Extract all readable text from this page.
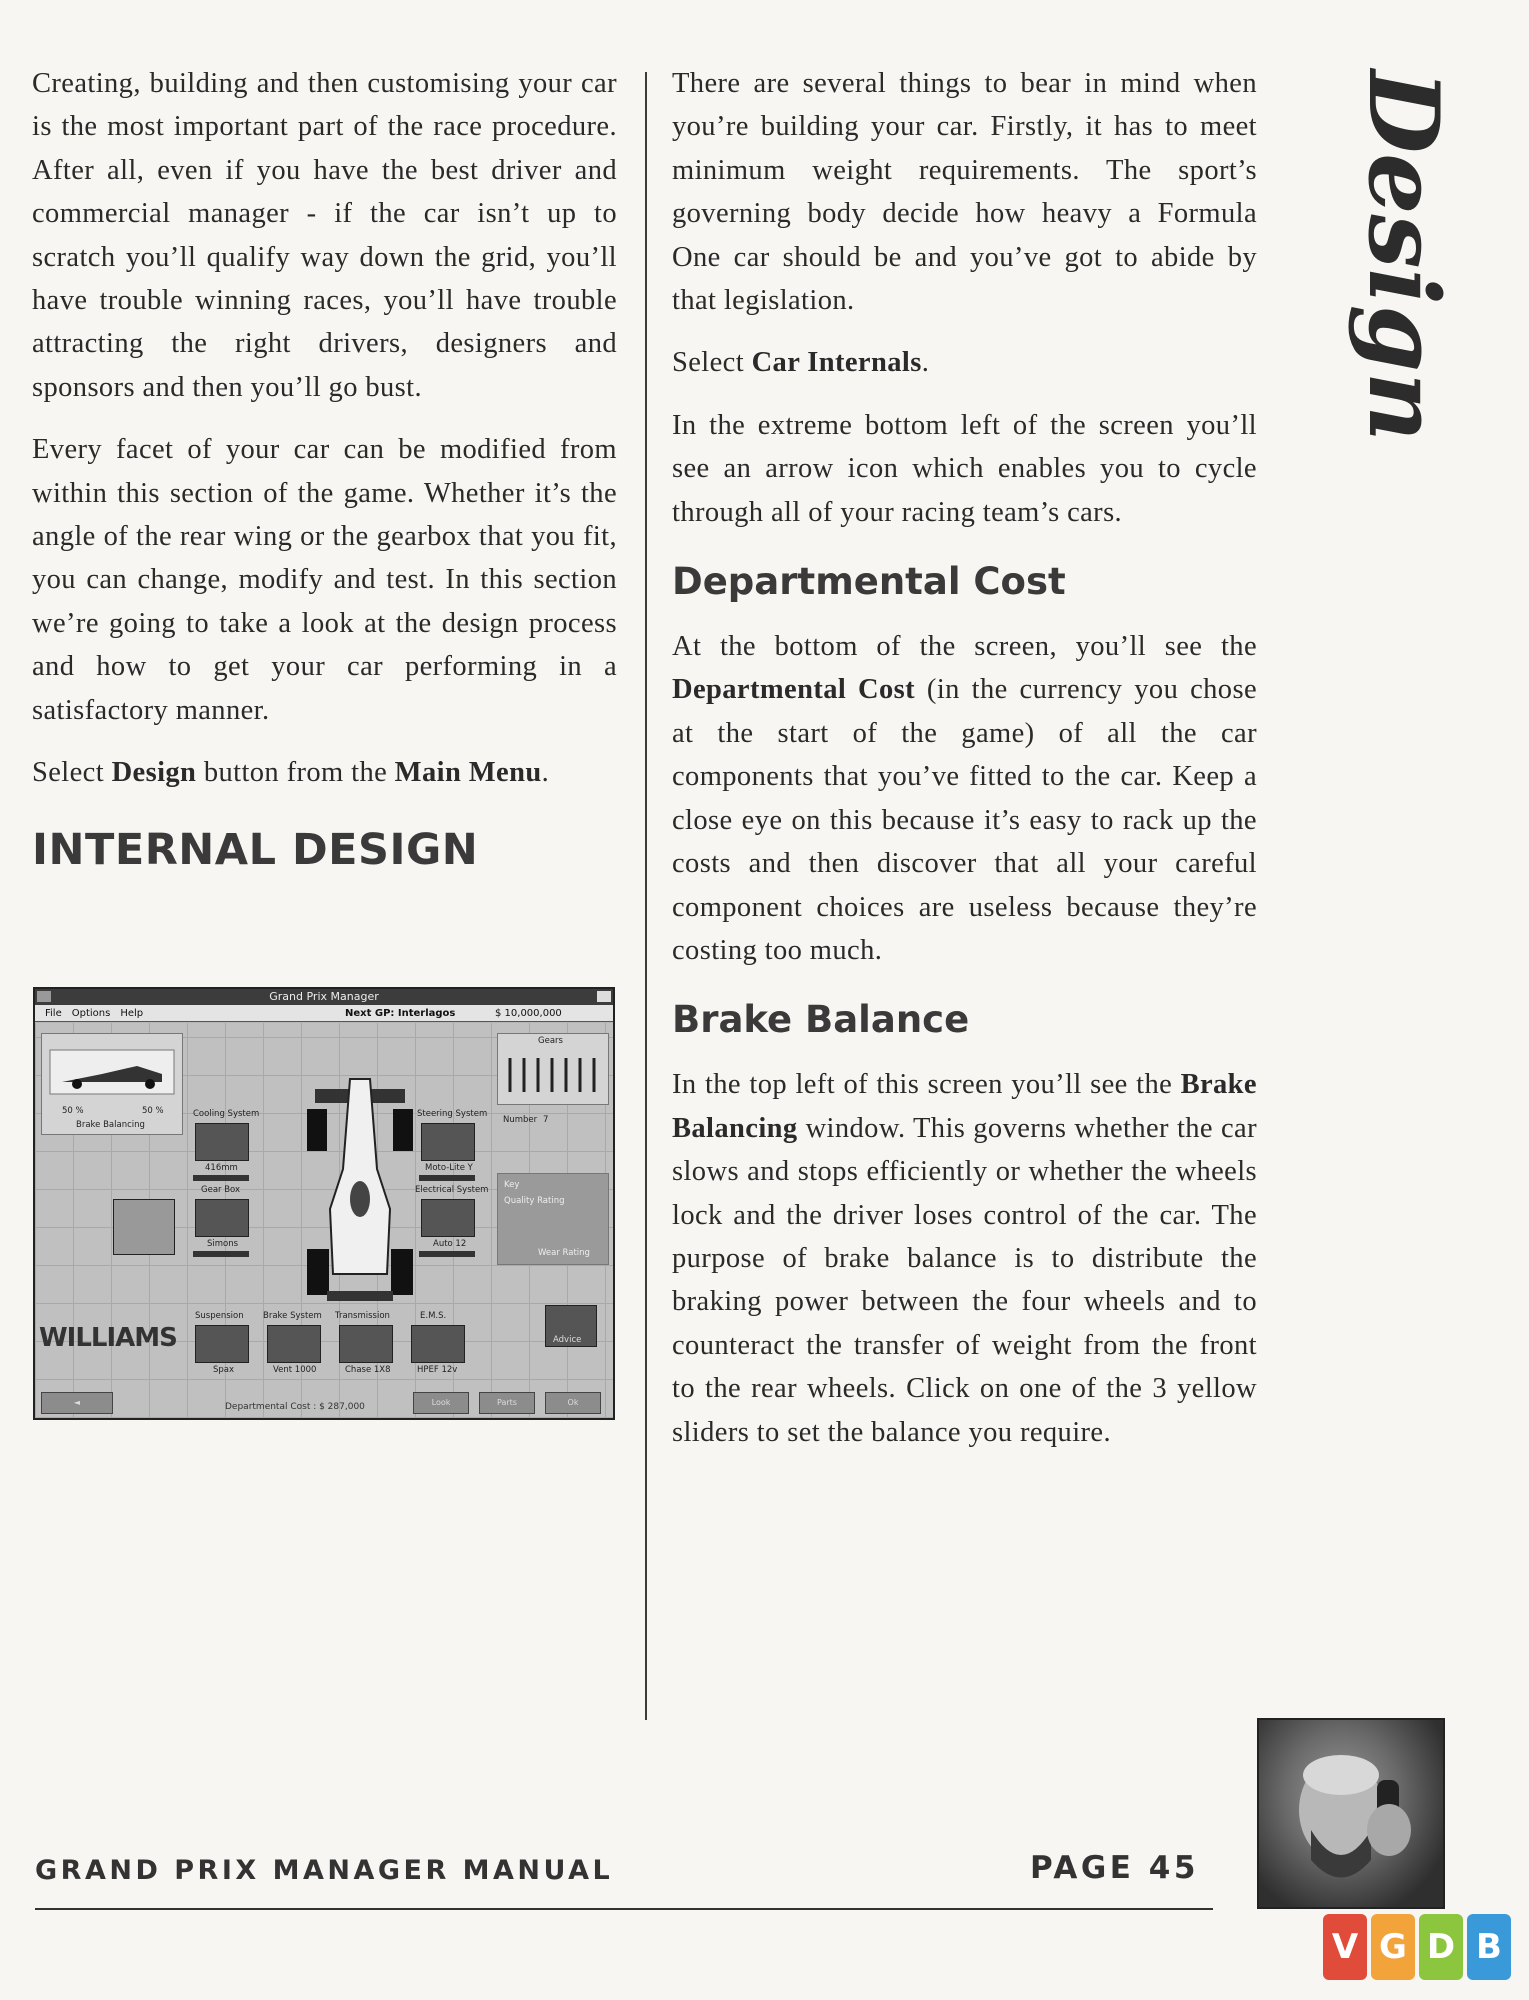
Creating, building and then customising your car is the most important part of the race procedure. After all, even if you have the best driver and commercial manager - if the car isn’t up to scratch you’ll qualify way down the grid, you’ll have trouble winning races, you’ll have trouble attracting the right drivers, designers and sponsors and then you’ll go bust.

Every facet of your car can be modified from within this section of the game. Whether it’s the angle of the rear wing or the gearbox that you fit, you can change, modify and test. In this section we’re going to take a look at the design process and how to get your car performing in a satisfactory manner.

Select Design button from the Main Menu.

INTERNAL DESIGN
Grand Prix Manager
File Options Help	Next GP: Interlagos	$ 10,000,000
50 %	50 %
Brake Balancing
Gears
Number 7
Cooling System
416mm
Steering System
Moto-Lite Y
Key
Quality Rating
Wear Rating
Gear Box
Simons
Electrical System
Auto 12
WILLIAMS
Suspension
Spax
Brake System
Vent 1000
Transmission
Chase 1X8
E.M.S.
HPEF 12v
Advice
Departmental Cost : $ 287,000	Look	Parts	Ok
◄

There are several things to bear in mind when you’re building your car. Firstly, it has to meet minimum weight requirements. The sport’s governing body decide how heavy a Formula One car should be and you’ve got to abide by that legislation.

Select Car Internals.

In the extreme bottom left of the screen you’ll see an arrow icon which enables you to cycle through all of your racing team’s cars.

Departmental Cost

At the bottom of the screen, you’ll see the Departmental Cost (in the currency you chose at the start of the game) of all the car components that you’ve fitted to the car. Keep a close eye on this because it’s easy to rack up the costs and then discover that all your careful component choices are useless because they’re costing too much.

Brake Balance

In the top left of this screen you’ll see the Brake Balancing window. This governs whether the car slows and stops efficiently or whether the wheels lock and the driver loses control of the car. The purpose of brake balance is to distribute the braking power between the four wheels and to counteract the transfer of weight from the front to the rear wheels. Click on one of the 3 yellow sliders to set the balance you require.

Design
GRAND PRIX MANAGER MANUAL	PAGE 45
V G D B
